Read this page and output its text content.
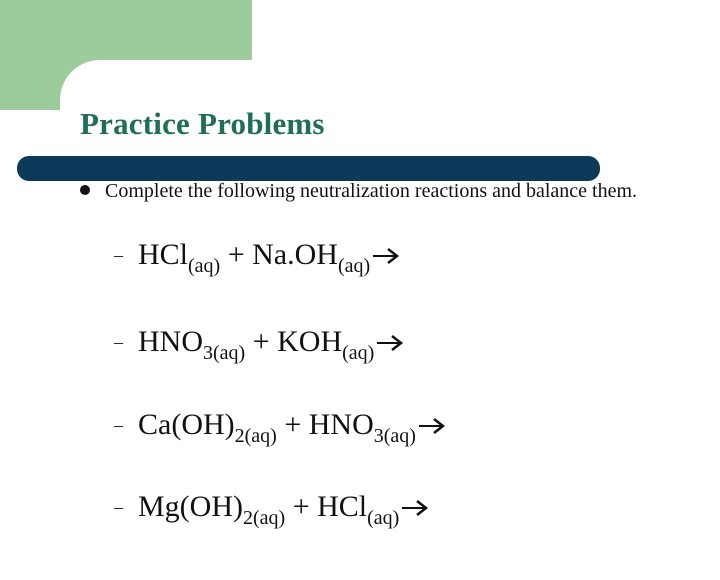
Practice Problems

Complete the following neutralization reactions and balance them.

– $HCl_{(aq)} + Na.OH_{(aq)}$
– $HNO_{3(aq)} + KOH_{(aq)}$
– $Ca(OH)_{2(aq)} + HNO_{3(aq)}$
– $Mg(OH)_{2(aq)} + HCl_{(aq)}$
